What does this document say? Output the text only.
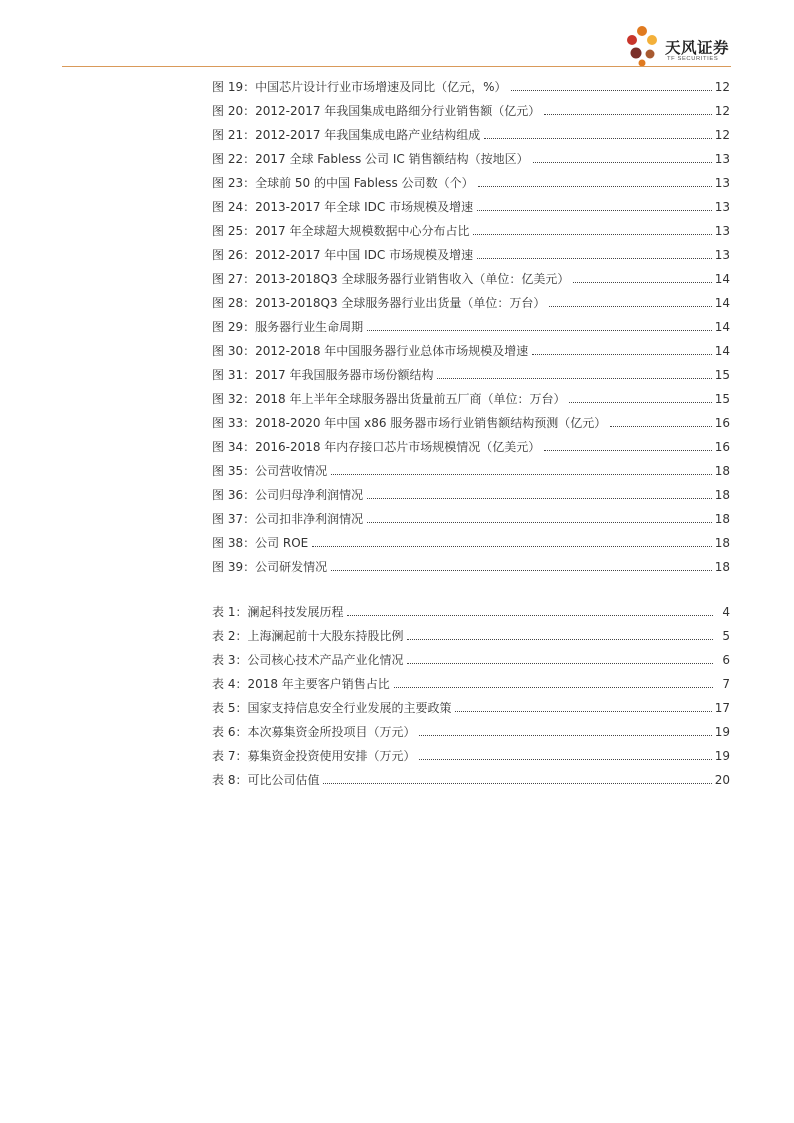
天风证券
TF SECURITIES
图 19：中国芯片设计行业市场增速及同比（亿元，%）	12
图 20：2012-2017 年我国集成电路细分行业销售额（亿元）	12
图 21：2012-2017 年我国集成电路产业结构组成	12
图 22：2017 全球 Fabless 公司 IC 销售额结构（按地区）	13
图 23：全球前 50 的中国 Fabless 公司数（个）	13
图 24：2013-2017 年全球 IDC 市场规模及增速	13
图 25：2017 年全球超大规模数据中心分布占比	13
图 26：2012-2017 年中国 IDC 市场规模及增速	13
图 27：2013-2018Q3 全球服务器行业销售收入（单位：亿美元）	14
图 28：2013-2018Q3 全球服务器行业出货量（单位：万台）	14
图 29：服务器行业生命周期	14
图 30：2012-2018 年中国服务器行业总体市场规模及增速	14
图 31：2017 年我国服务器市场份额结构	15
图 32：2018 年上半年全球服务器出货量前五厂商（单位：万台）	15
图 33：2018-2020 年中国 x86 服务器市场行业销售额结构预测（亿元）	16
图 34：2016-2018 年内存接口芯片市场规模情况（亿美元）	16
图 35：公司营收情况	18
图 36：公司归母净利润情况	18
图 37：公司扣非净利润情况	18
图 38：公司 ROE	18
图 39：公司研发情况	18
表 1：澜起科技发展历程	4
表 2：上海澜起前十大股东持股比例	5
表 3：公司核心技术产品产业化情况	6
表 4：2018 年主要客户销售占比	7
表 5：国家支持信息安全行业发展的主要政策	17
表 6：本次募集资金所投项目（万元）	19
表 7：募集资金投资使用安排（万元）	19
表 8：可比公司估值	20
